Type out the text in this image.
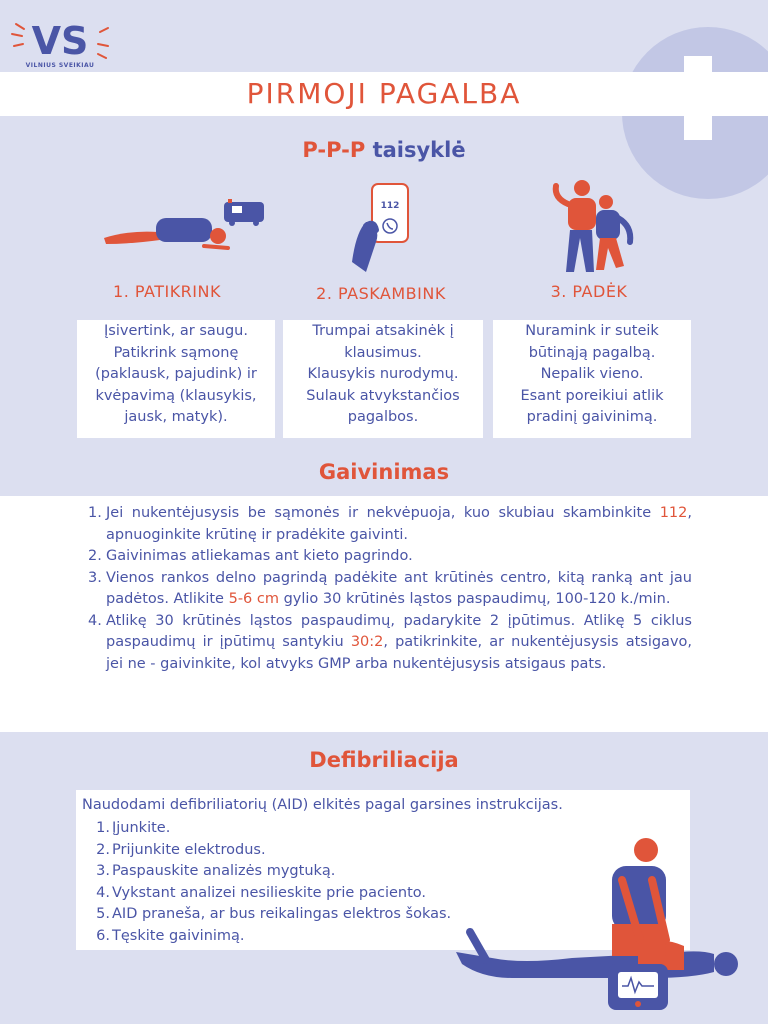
VS
VILNIUS SVEIKIAU
PIRMOJI PAGALBA
P-P-P taisyklė
112
1. PATIKRINK	2. PASKAMBINK	3. PADĖK
Įsivertink, ar saugu.
Patikrink sąmonę
(paklausk, pajudink) ir
kvėpavimą (klausykis,
jausk, matyk).
Trumpai atsakinėk į
klausimus.
Klausykis nurodymų.
Sulauk atvykstančios
pagalbos.
Nuramink ir suteik
būtinąją pagalbą.
Nepalik vieno.
Esant poreikiui atlik
pradinį gaivinimą.
Gaivinimas
1. Jei nukentėjusysis be sąmonės ir nekvėpuoja, kuo skubiau skambinkite 112, apnuoginkite krūtinę ir pradėkite gaivinti.
2. Gaivinimas atliekamas ant kieto pagrindo.
3. Vienos rankos delno pagrindą padėkite ant krūtinės centro, kitą ranką ant jau padėtos. Atlikite 5-6 cm gylio 30 krūtinės ląstos paspaudimų, 100-120 k./min.
4. Atlikę 30 krūtinės ląstos paspaudimų, padarykite 2 įpūtimus. Atlikę 5 ciklus paspaudimų ir įpūtimų santykiu 30:2, patikrinkite, ar nukentėjusysis atsigavo, jei ne - gaivinkite, kol atvyks GMP arba nukentėjusysis atsigaus pats.
Defibriliacija
Naudodami defibriliatorių (AID) elkitės pagal garsines instrukcijas.
1. Įjunkite.
2. Prijunkite elektrodus.
3. Paspauskite analizės mygtuką.
4. Vykstant analizei nesilieskite prie paciento.
5. AID praneša, ar bus reikalingas elektros šokas.
6. Tęskite gaivinimą.
